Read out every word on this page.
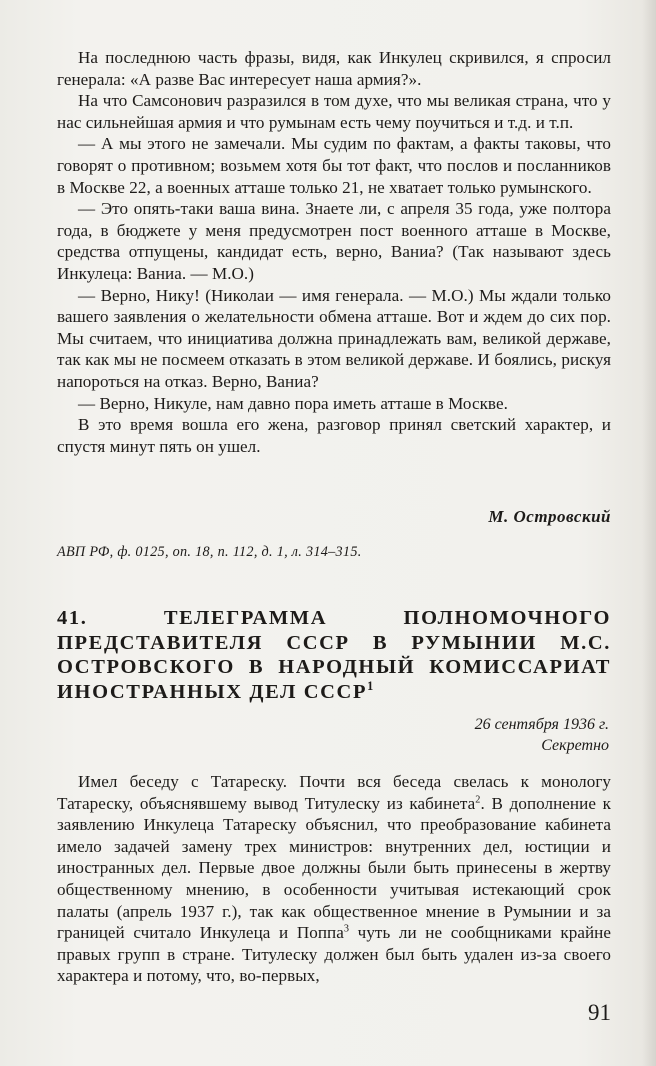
На последнюю часть фразы, видя, как Инкулец скривился, я спросил генерала: «А разве Вас интересует наша армия?».

На что Самсонович разразился в том духе, что мы великая страна, что у нас сильнейшая армия и что румынам есть чему поучиться и т.д. и т.п.

— А мы этого не замечали. Мы судим по фактам, а факты таковы, что говорят о противном; возьмем хотя бы тот факт, что послов и посланников в Москве 22, а военных атташе только 21, не хватает только румынского.

— Это опять-таки ваша вина. Знаете ли, с апреля 35 года, уже полтора года, в бюджете у меня предусмотрен пост военного атташе в Москве, средства отпущены, кандидат есть, верно, Ваниа? (Так называют здесь Инкулеца: Ваниа. — М.О.)

— Верно, Нику! (Николаи — имя генерала. — М.О.) Мы ждали только вашего заявления о желательности обмена атташе. Вот и ждем до сих пор. Мы считаем, что инициатива должна принадлежать вам, великой державе, так как мы не посмеем отказать в этом великой державе. И боялись, рискуя напороться на отказ. Верно, Ваниа?

— Верно, Никуле, нам давно пора иметь атташе в Москве.

В это время вошла его жена, разговор принял светский характер, и спустя минут пять он ушел.

М. Островский
АВП РФ, ф. 0125, оп. 18, п. 112, д. 1, л. 314–315.
41. ТЕЛЕГРАММА ПОЛНОМОЧНОГО ПРЕДСТАВИТЕЛЯ СССР В РУМЫНИИ М.С. ОСТРОВСКОГО В НАРОДНЫЙ КОМИССАРИАТ ИНОСТРАННЫХ ДЕЛ СССР$^1$
26 сентября 1936 г.
Секретно

Имел беседу с Татареску. Почти вся беседа свелась к монологу Татареску, объяснявшему вывод Титулеску из кабинета$^2$. В дополнение к заявлению Инкулеца Татареску объяснил, что преобразование кабинета имело задачей замену трех министров: внутренних дел, юстиции и иностранных дел. Первые двое должны были быть принесены в жертву общественному мнению, в особенности учитывая истекающий срок палаты (апрель 1937 г.), так как общественное мнение в Румынии и за границей считало Инкулеца и Поппа$^3$ чуть ли не сообщниками крайне правых групп в стране. Титулеску должен был быть удален из-за своего характера и потому, что, во-первых,

91
